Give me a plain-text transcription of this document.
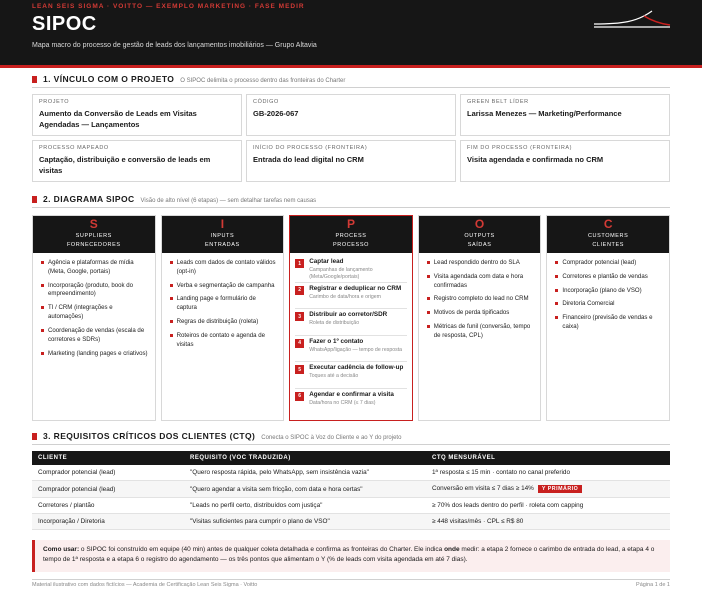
LEAN SEIS SIGMA · VOITTO — EXEMPLO MARKETING · FASE MEDIR
SIPOC
Mapa macro do processo de gestão de leads dos lançamentos imobiliários — Grupo Altavia
1. VÍNCULO COM O PROJETO O SIPOC delimita o processo dentro das fronteiras do Charter
PROJETO
Aumento da Conversão de Leads em Visitas Agendadas — Lançamentos
CÓDIGO
GB-2026-067
GREEN BELT LÍDER
Larissa Menezes — Marketing/Performance
PROCESSO MAPEADO
Captação, distribuição e conversão de leads em visitas
INÍCIO DO PROCESSO (FRONTEIRA)
Entrada do lead digital no CRM
FIM DO PROCESSO (FRONTEIRA)
Visita agendada e confirmada no CRM
2. DIAGRAMA SIPOC Visão de alto nível (6 etapas) — sem detalhar tarefas nem causas
S
SUPPLIERS
FORNECEDORES
Agência e plataformas de mídia (Meta, Google, portais)
Incorporação (produto, book do empreendimento)
TI / CRM (integrações e automações)
Coordenação de vendas (escala de corretores e SDRs)
Marketing (landing pages e criativos)
I
INPUTS
ENTRADAS
Leads com dados de contato válidos (opt-in)
Verba e segmentação de campanha
Landing page e formulário de captura
Regras de distribuição (roleta)
Roteiros de contato e agenda de visitas
P
PROCESS
PROCESSO
1	Captar lead
Campanhas de lançamento (Meta/Google/portais)
2	Registrar e deduplicar no CRM
Carimbo de data/hora e origem
3	Distribuir ao corretor/SDR
Roleta de distribuição
4	Fazer o 1º contato
WhatsApp/ligação — tempo de resposta
5	Executar cadência de follow-up
Toques até a decisão
6	Agendar e confirmar a visita
Data/hora no CRM (≤ 7 dias)
O
OUTPUTS
SAÍDAS
Lead respondido dentro do SLA
Visita agendada com data e hora confirmadas
Registro completo do lead no CRM
Motivos de perda tipificados
Métricas de funil (conversão, tempo de resposta, CPL)
C
CUSTOMERS
CLIENTES
Comprador potencial (lead)
Corretores e plantão de vendas
Incorporação (plano de VSO)
Diretoria Comercial
Financeiro (previsão de vendas e caixa)
3. REQUISITOS CRÍTICOS DOS CLIENTES (CTQ) Conecta o SIPOC à Voz do Cliente e ao Y do projeto
CLIENTE	REQUISITO (VOC TRADUZIDA)	CTQ MENSURÁVEL
Comprador potencial (lead)	"Quero resposta rápida, pelo WhatsApp, sem insistência vazia"	1ª resposta ≤ 15 min · contato no canal preferido
Comprador potencial (lead)	"Quero agendar a visita sem fricção, com data e hora certas"	Conversão em visita ≤ 7 dias ≥ 14% Y PRIMÁRIO
Corretores / plantão	"Leads no perfil certo, distribuídos com justiça"	≥ 70% dos leads dentro do perfil · roleta com capping
Incorporação / Diretoria	"Visitas suficientes para cumprir o plano de VSO"	≥ 448 visitas/mês · CPL ≤ R$ 80
Como usar: o SIPOC foi construído em equipe (40 min) antes de qualquer coleta detalhada e confirma as fronteiras do Charter. Ele indica onde medir: a etapa 2 fornece o carimbo de entrada do lead, a etapa 4 o tempo de 1ª resposta e a etapa 6 o registro do agendamento — os três pontos que alimentam o Y (% de leads com visita agendada em até 7 dias).
Material ilustrativo com dados fictícios — Academia de Certificação Lean Seis Sigma · Voitto	Página 1 de 1
